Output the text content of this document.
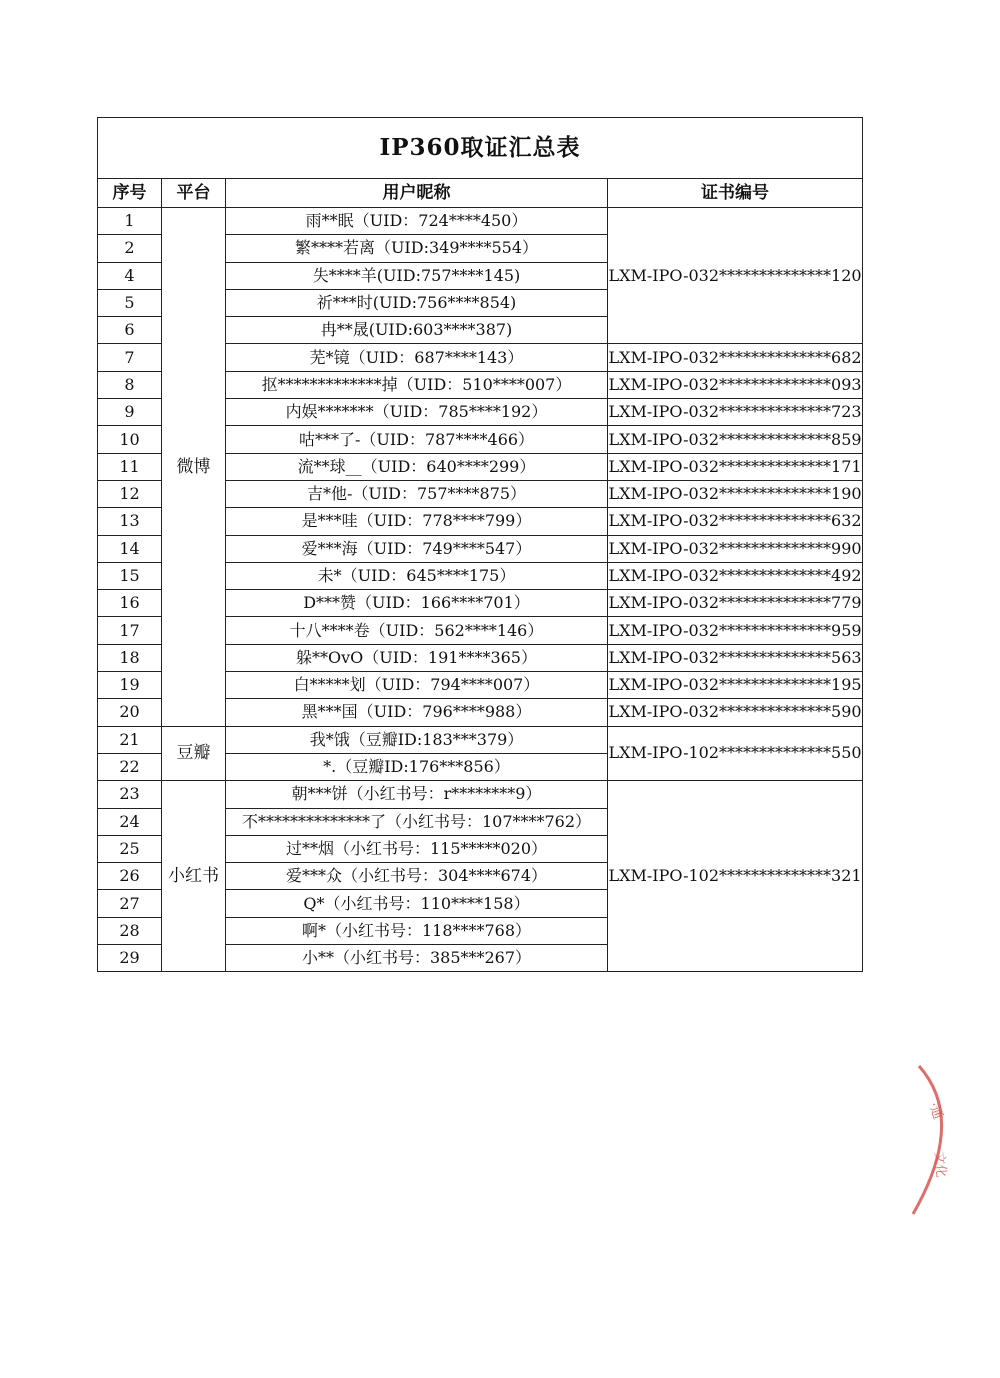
IP360取证汇总表			
序号	平台	用户昵称	证书编号
1	微博	雨**眠（UID：724****450）	LXM-IPO-032**************120
2		繁****若离（UID:349****554）	
4		失****羊(UID:757****145)	
5		祈***时(UID:756****854)	
6		冉**晟(UID:603****387)	
7		芜*镜（UID：687****143）	LXM-IPO-032**************682
8		抠*************掉（UID：510****007）	LXM-IPO-032**************093
9		内娱*******（UID：785****192）	LXM-IPO-032**************723
10		咕***了-（UID：787****466）	LXM-IPO-032**************859
11		流**球__（UID：640****299）	LXM-IPO-032**************171
12		吉*他-（UID：757****875）	LXM-IPO-032**************190
13		是***哇（UID：778****799）	LXM-IPO-032**************632
14		爱***海（UID：749****547）	LXM-IPO-032**************990
15		未*（UID：645****175）	LXM-IPO-032**************492
16		D***赞（UID：166****701）	LXM-IPO-032**************779
17		十八****卷（UID：562****146）	LXM-IPO-032**************959
18		躲**OvO（UID：191****365）	LXM-IPO-032**************563
19		白*****划（UID：794****007）	LXM-IPO-032**************195
20		黑***国（UID：796****988）	LXM-IPO-032**************590
21	豆瓣	我*饿（豆瓣ID:183***379）	LXM-IPO-102**************550
22		*.（豆瓣ID:176***856）	
23	小红书	朝***饼（小红书号：r********9）	LXM-IPO-102**************321
24		不**************了（小红书号：107****762）	
25		过**烟（小红书号：115*****020）	
26		爱***众（小红书号：304****674）	
27		Q*（小红书号：110****158）	
28		啊*（小红书号：118****768）	
29		小**（小红书号：385***267）	
·通
文化
